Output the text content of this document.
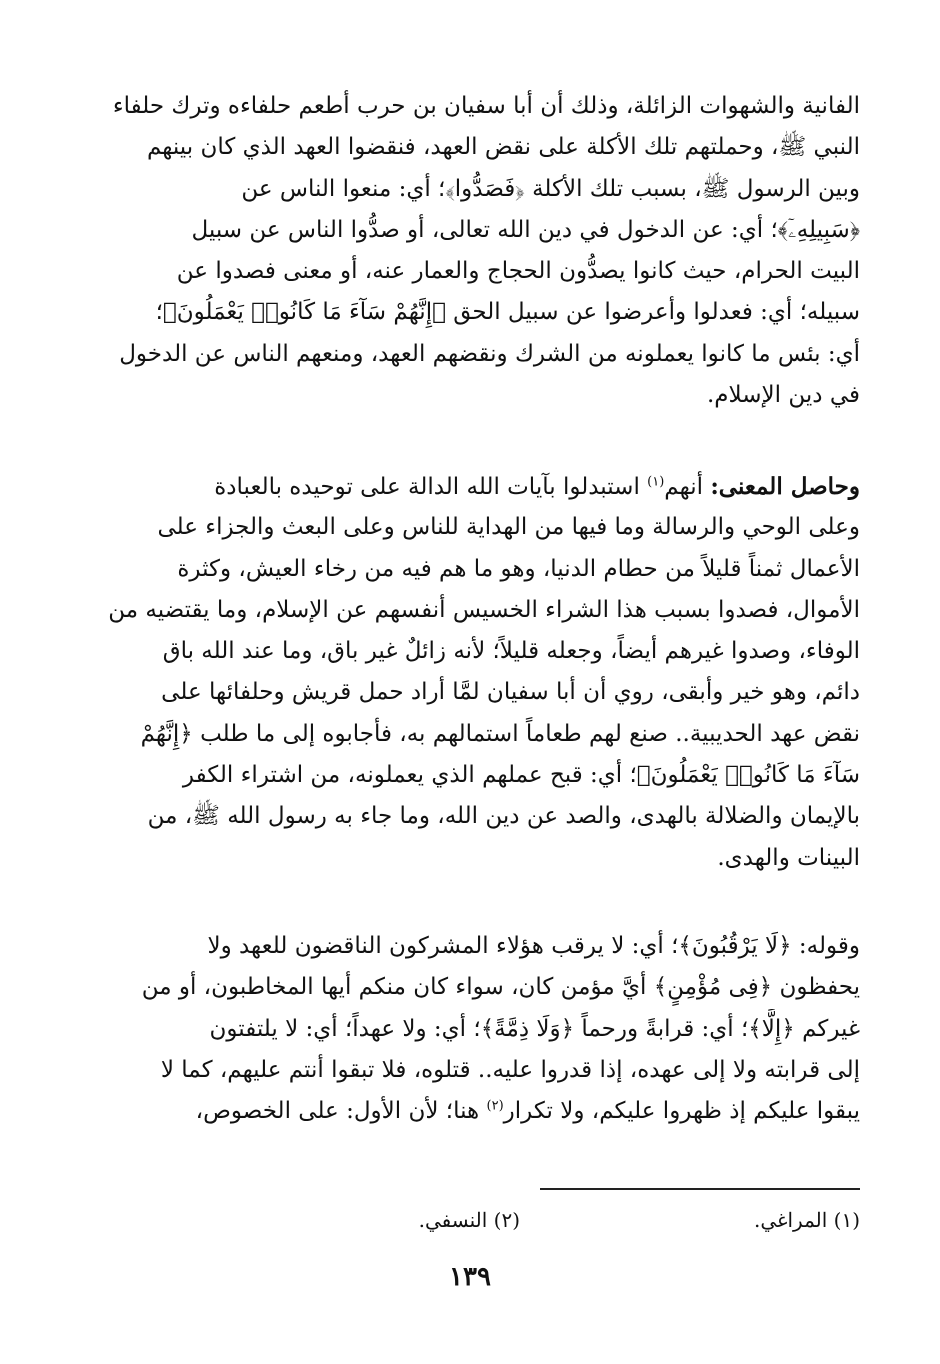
الفانية والشهوات الزائلة، وذلك أن أبا سفيان بن حرب أطعم حلفاءه وترك حلفاء
النبي ﷺ، وحملتهم تلك الأكلة على نقض العهد، فنقضوا العهد الذي كان بينهم
وبين الرسول ﷺ، بسبب تلك الأكلة ﴿فَصَدُّوا﴾؛ أي: منعوا الناس عن
﴿سَبِيلِهِۦٓ﴾؛ أي: عن الدخول في دين الله تعالى، أو صدُّوا الناس عن سبيل
البيت الحرام، حيث كانوا يصدُّون الحجاج والعمار عنه، أو معنى فصدوا عن
سبيله؛ أي: فعدلوا وأعرضوا عن سبيل الحق ﴿إِنَّهُمْ سَآءَ مَا كَانُوا۟ يَعْمَلُونَ﴾؛
أي: بئس ما كانوا يعملونه من الشرك ونقضهم العهد، ومنعهم الناس عن الدخول
في دين الإسلام.
وحاصل المعنى: أنهم$^{(١)}$ استبدلوا بآيات الله الدالة على توحيده بالعبادة
وعلى الوحي والرسالة وما فيها من الهداية للناس وعلى البعث والجزاء على
الأعمال ثمناً قليلاً من حطام الدنيا، وهو ما هم فيه من رخاء العيش، وكثرة
الأموال، فصدوا بسبب هذا الشراء الخسيس أنفسهم عن الإسلام، وما يقتضيه من
الوفاء، وصدوا غيرهم أيضاً، وجعله قليلاً؛ لأنه زائلٌ غير باق، وما عند الله باق
دائم، وهو خير وأبقى، روي أن أبا سفيان لمَّا أراد حمل قريش وحلفائها على
نقض عهد الحديبية.. صنع لهم طعاماً استمالهم به، فأجابوه إلى ما طلب ﴿إِنَّهُمْ
سَآءَ مَا كَانُوا۟ يَعْمَلُونَ﴾؛ أي: قبح عملهم الذي يعملونه، من اشتراء الكفر
بالإيمان والضلالة بالهدى، والصد عن دين الله، وما جاء به رسول الله ﷺ، من
البينات والهدى.
وقوله: ﴿لَا يَرْقُبُونَ﴾؛ أي: لا يرقب هؤلاء المشركون الناقضون للعهد ولا
يحفظون ﴿فِى مُؤْمِنٍ﴾ أيَّ مؤمن كان، سواء كان منكم أيها المخاطبون، أو من
غيركم ﴿إِلًّا﴾؛ أي: قرابةً ورحماً ﴿وَلَا ذِمَّةً﴾؛ أي: ولا عهداً؛ أي: لا يلتفتون
إلى قرابته ولا إلى عهده، إذا قدروا عليه.. قتلوه، فلا تبقوا أنتم عليهم، كما لا
يبقوا عليكم إذ ظهروا عليكم، ولا تكرار$^{(٢)}$ هنا؛ لأن الأول: على الخصوص،
(١) المراغي.
(٢) النسفي.
١٣٩
